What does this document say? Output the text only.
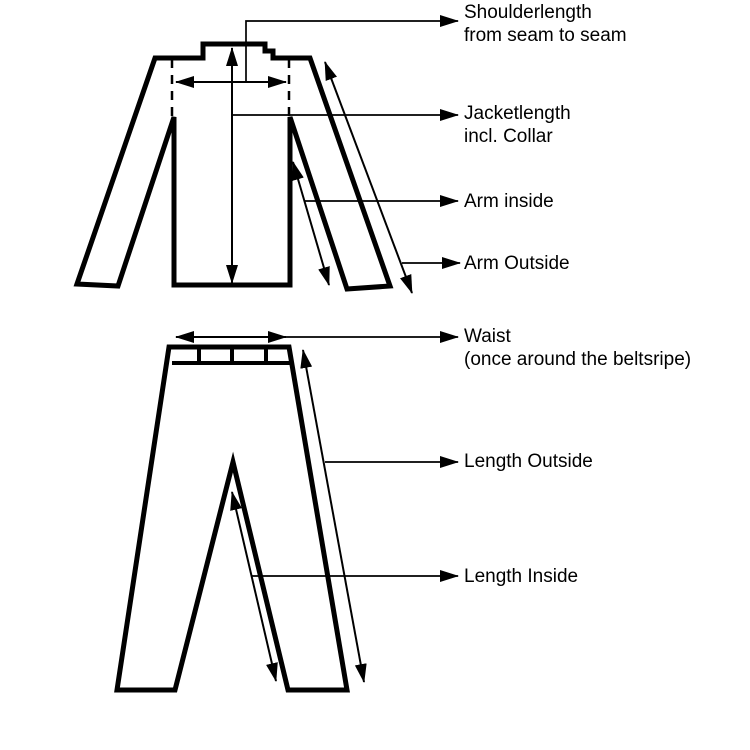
Shoulderlength
from seam to seam
Jacketlength
incl. Collar
Arm inside
Arm Outside
Waist
(once around the beltsripe)
Length Outside
Length Inside
